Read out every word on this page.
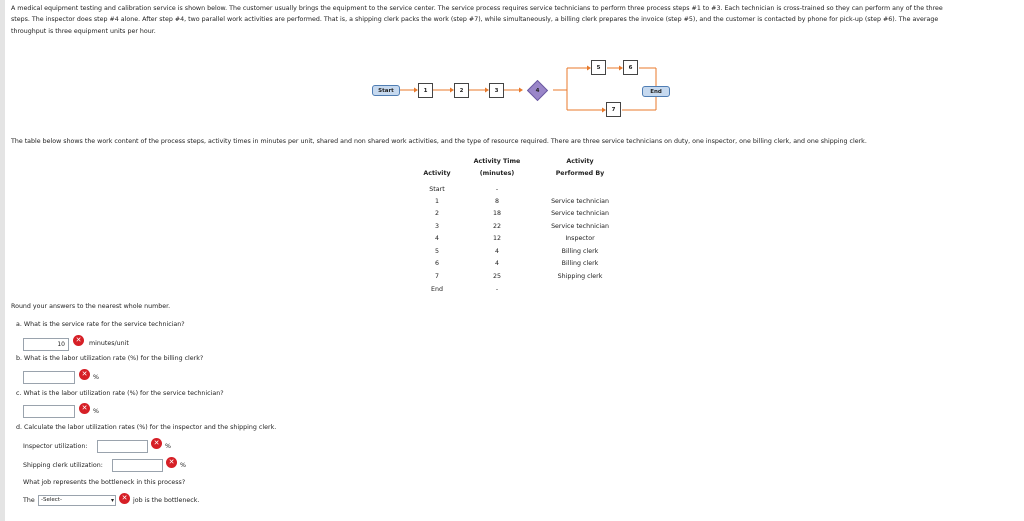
A medical equipment testing and calibration service is shown below. The customer usually brings the equipment to the service center. The service process requires service technicians to perform three process steps #1 to #3. Each technician is cross-trained so they can perform any of the three
steps. The inspector does step #4 alone. After step #4, two parallel work activities are performed. That is, a shipping clerk packs the work (step #7), while simultaneously, a billing clerk prepares the invoice (step #5), and the customer is contacted by phone for pick-up (step #6). The average
throughput is three equipment units per hour.
Start	1	2	3	4
5	6
7
End
The table below shows the work content of the process steps, activity times in minutes per unit, shared and non shared work activities, and the type of resource required. There are three service technicians on duty, one inspector, one billing clerk, and one shipping clerk.
Activity
Activity Time
(minutes)
Activity
Performed By
Start	-
1	8	Service technician
2	18	Service technician
3	22	Service technician
4	12	Inspector
5	4	Billing clerk
6	4	Billing clerk
7	25	Shipping clerk
End	-
Round your answers to the nearest whole number.
a. What is the service rate for the service technician?
10
✕	minutes/unit
b. What is the labor utilization rate (%) for the billing clerk?
✕ %
c. What is the labor utilization rate (%) for the service technician?
✕ %
d. Calculate the labor utilization rates (%) for the inspector and the shipping clerk.
Inspector utilization:	✕ %
Shipping clerk utilization:	✕ %
What job represents the bottleneck in this process?
The	-Select-	▾	✕ job is the bottleneck.
